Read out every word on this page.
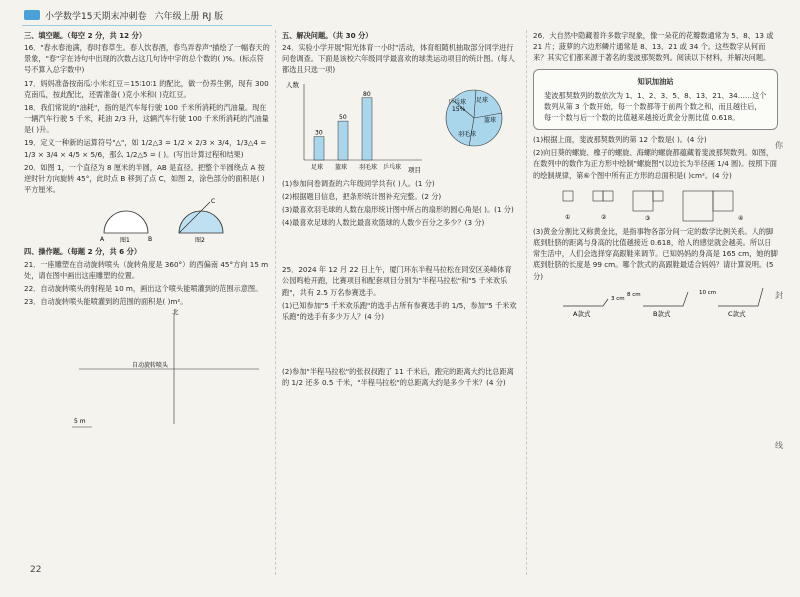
小学数学15天期末冲刺卷 六年级上册 RJ 版
三、填空题。（每空 2 分，共 12 分）
16．"春水春池满，春时春草生。春人饮春酒，春鸟弄春声"描绘了一幅春天的景象，"春"字在诗句中出现的次数占这几句诗中字的总个数的( )%。(标点符号不算入总字数中)
17．妈妈准备按南瓜∶小米∶红豆＝15∶10∶1 的配比，做一份养生粥，现有 300 克南瓜，按此配比，还需准备( )克小米和( )克红豆。
18．我们常说的"油耗"，指的是汽车每行驶 100 千米所消耗的汽油量。现在一辆汽车行驶 5 千米，耗油 2/3 升，这辆汽车行驶 100 千米所消耗的汽油量是( )升。
19．定义一种新的运算符号"△"，如 1/2△3 = 1/2 × 2/3 × 3/4，1/3△4 = 1/3 × 3/4 × 4/5 × 5/6，那么 1/2△5 = ( )。(写出计算过程和结果)
20．如图 1，一个直径为 8 厘米的半圆，AB 是直径。把整个半圆绕点 A 按逆时针方向旋转 45°，此时点 B 移到了点 C，如图 2，涂色部分的面积是( )平方厘米。
A	B
图1
C
图2
四、操作题。（每题 2 分，共 6 分）
21．一座雕塑在自动旋转喷头（旋转角度是 360°）的西偏南 45°方向 15 m 处，请在图中画出这座雕塑的位置。
22．自动旋转喷头的射程是 10 m，画出这个喷头能喷灌到的范围示意图。
23．自动旋转喷头能喷灌到的范围的面积是( )m²。
北
自动旋转喷头
5 m
五、解决问题。（共 30 分）
24．实验小学开展"阳光体育一小时"活动，体育组随机抽取部分同学进行问卷调查。下面是该校六年级同学最喜欢的球类运动项目的统计图。(每人都选且只选一项)
人数
项目
30
足球
50
篮球
80
羽毛球 乒乓球
乒乓球
15%
足球
篮球
羽毛球
(1)参加问卷调查的六年级同学共有( )人。(1 分)
(2)根据题目信息，把条形统计图补充完整。(2 分)
(3)最喜欢羽毛球的人数在扇形统计图中所占的扇形的圆心角是( )。(1 分)
(4)最喜欢足球的人数比最喜欢篮球的人数少百分之多少？(3 分)
25．2024 年 12 月 22 日上午，厦门环东半程马拉松在同安区美峰体育公园鸣枪开跑，比赛项目和配套项目分别为"半程马拉松"和"5 千米欢乐跑"，共有 2.5 万名参赛选手。
(1)已知参加"5 千米欢乐跑"的选手占所有参赛选手的 1/5，参加"5 千米欢乐跑"的选手有多少万人？(4 分)
(2)参加"半程马拉松"的张叔叔跑了 11 千米后，跑完的距离大约比总距离的 1/2 还多 0.5 千米，"半程马拉松"的总距离大约是多少千米？(4 分)
26．大自然中隐藏着许多数字现象，像一朵花的花瓣数通常为 5、8、13 或 21 片；菠萝的六边形鳞片通常是 8、13、21 或 34 个。这些数字从何而来？其实它们都来源于著名的斐波那契数列。阅读以下材料，并解决问题。
知识加油站
斐波那契数列的数依次为 1、1、2、3、5、8、13、21、34……这个数列从第 3 个数开始，每一个数都等于前两个数之和，而且越往后，每一个数与后一个数的比值越来越接近黄金分割比值 0.618。
(1)根据上面，斐波那契数列的第 12 个数是( )。(4 分)
(2)向日葵的螺旋、橡子的螺旋、海螺的螺旋都蕴藏着斐波那契数列。如图，在数列中的数作为正方形中绘制"螺旋图"(以边长为半径画 1/4 圆)。按照下面的绘制规律，第⑥个图中所有正方形的总面积是( )cm²。(4 分)
①	②	③	④
(3)黄金分割比又称黄金比，是指事物各部分间一定的数学比例关系。人的脚底到肚脐的距离与身高的比值越接近 0.618，给人的感觉就会越美。所以日常生活中，人们会选择穿高跟鞋来调节。已知妈妈的身高是 165 cm，她的脚底到肚脐的长度是 99 cm。哪个款式的高跟鞋最适合妈妈？请计算说明。(5 分)
A款式
3 cm
B款式
8 cm
C款式
10 cm
你
封
线
22
